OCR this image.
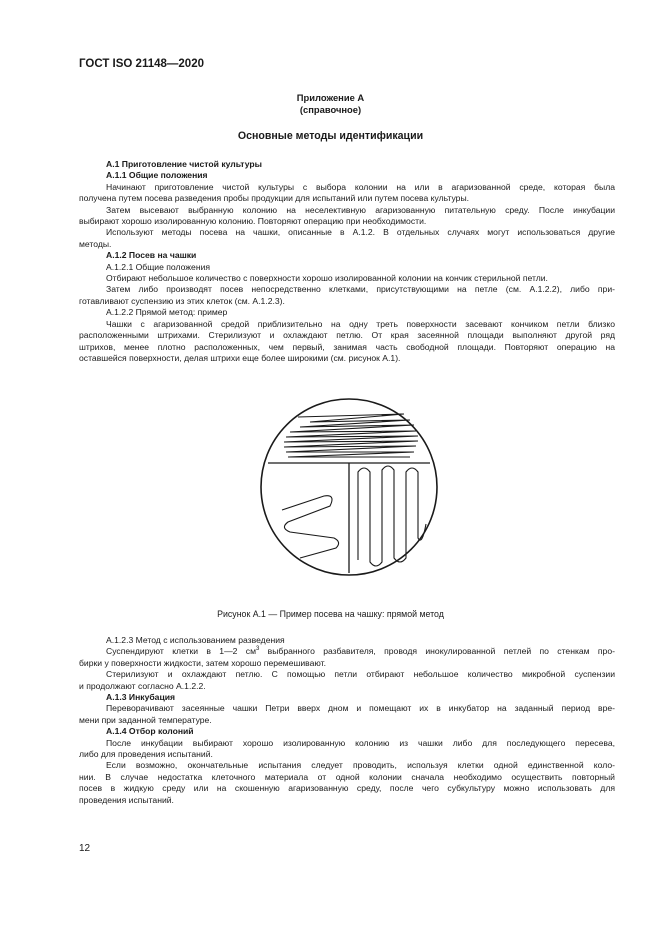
ГОСТ ISO 21148—2020
Приложение А
(справочное)
Основные методы идентификации

А.1 Приготовление чистой культуры

А.1.1 Общие положения

Начинают приготовление чистой культуры с выбора колонии на или в агаризованной среде, которая была

получена путем посева разведения пробы продукции для испытаний или путем посева культуры.

Затем высевают выбранную колонию на неселективную агаризованную питательную среду. После инкубации

выбирают хорошо изолированную колонию. Повторяют операцию при необходимости.

Используют методы посева на чашки, описанные в А.1.2. В отдельных случаях могут использоваться другие

методы.

А.1.2 Посев на чашки

А.1.2.1 Общие положения

Отбирают небольшое количество с поверхности хорошо изолированной колонии на кончик стерильной петли.

Затем либо производят посев непосредственно клетками, присутствующими на петле (см. А.1.2.2), либо при-

готавливают суспензию из этих клеток (см. А.1.2.3).

А.1.2.2 Прямой метод: пример

Чашки с агаризованной средой приблизительно на одну треть поверхности засевают кончиком петли близко

расположенными штрихами. Стерилизуют и охлаждают петлю. От края засеянной площади выполняют другой ряд

штрихов, менее плотно расположенных, чем первый, занимая часть свободной площади. Повторяют операцию на

оставшейся поверхности, делая штрихи еще более широкими (см. рисунок А.1).

Рисунок А.1 — Пример посева на чашку: прямой метод

А.1.2.3 Метод с использованием разведения

Суспендируют клетки в 1—2 $см^3$ выбранного разбавителя, проводя инокулированной петлей по стенкам про-

бирки у поверхности жидкости, затем хорошо перемешивают.

Стерилизуют и охлаждают петлю. С помощью петли отбирают небольшое количество микробной суспензии

и продолжают согласно А.1.2.2.

А.1.3 Инкубация

Переворачивают засеянные чашки Петри вверх дном и помещают их в инкубатор на заданный период вре-

мени при заданной температуре.

А.1.4 Отбор колоний

После инкубации выбирают хорошо изолированную колонию из чашки либо для последующего пересева,

либо для проведения испытаний.

Если возможно, окончательные испытания следует проводить, используя клетки одной единственной коло-

нии. В случае недостатка клеточного материала от одной колонии сначала необходимо осуществить повторный

посев в жидкую среду или на скошенную агаризованную среду, после чего субкультуру можно использовать для

проведения испытаний.

12
